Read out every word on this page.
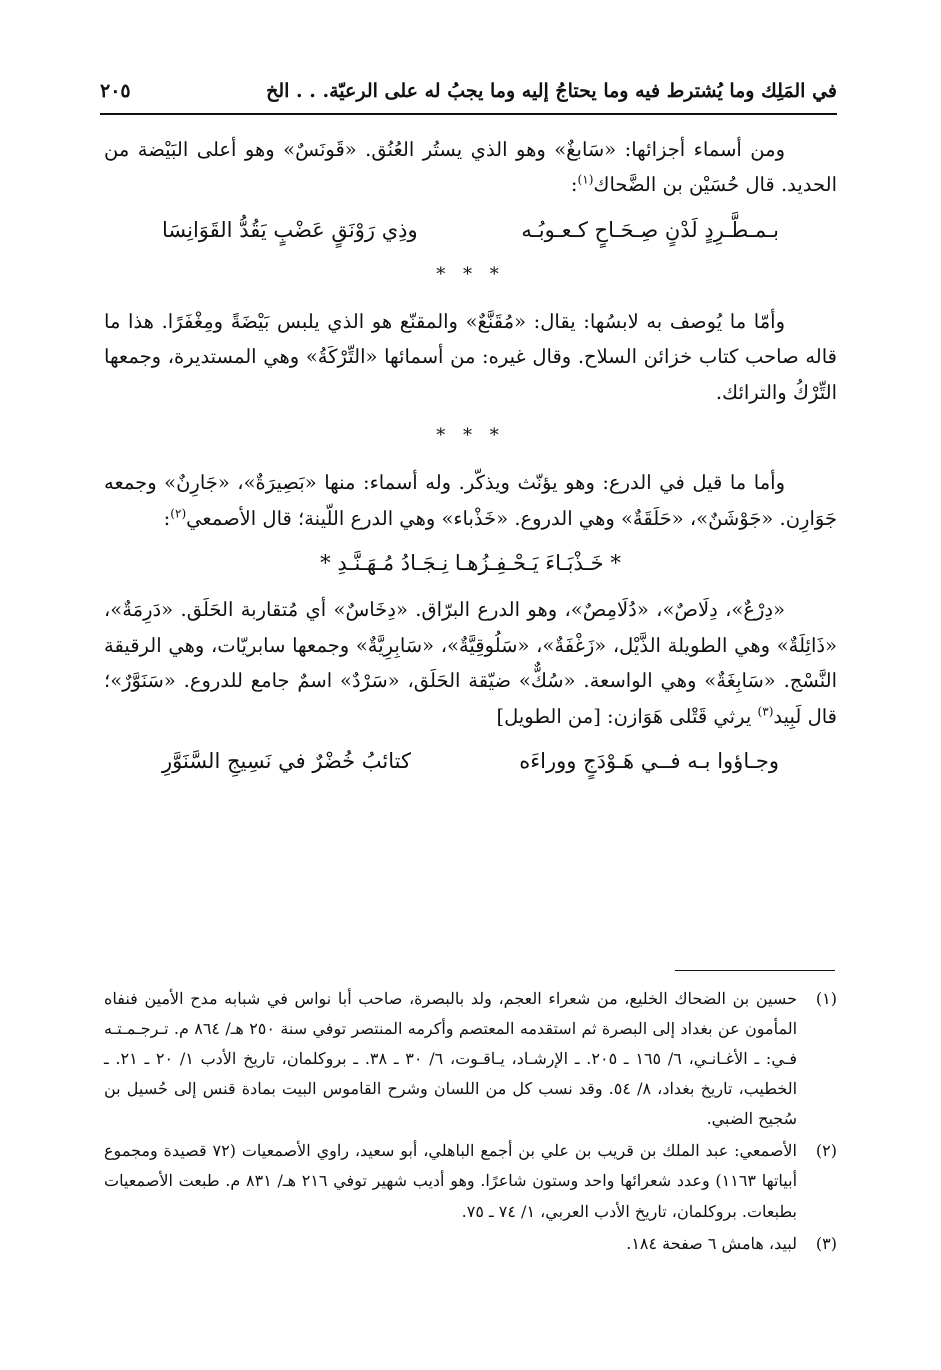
في المَلِك وما يُشترط فيه وما يحتاجُ إليه وما يجبُ له على الرعيّة. . . الخ
٢٠٥

ومن أسماء أجزائها: «سَابغٌ» وهو الذي يستُر العُنُق. «قَونَسٌ» وهو أعلى البَيْضة من الحديد. قال حُسَيْن بن الضَّحاك$^{(١)}$:

بـمـطَّـرِدٍ لَدْنٍ صِـحَـاحٍ كـعـوبُـه
وذِي رَوْنَقٍ عَضْبٍ يَقُدُّ القَوَانِسَا
* * *

وأمّا ما يُوصف به لابسُها: يقال: «مُقَنَّعٌ» والمقنّع هو الذي يلبس بَيْضَةً ومِغْفَرًا. هذا ما قاله صاحب كتاب خزائن السلاح. وقال غيره: من أسمائها «التِّرْكَةُ» وهي المستديرة، وجمعها التِّرْكُ والترائك.

* * *

وأما ما قيل في الدرع: وهو يؤنّث ويذكّر. وله أسماء: منها «بَصِيرَةٌ»، «جَارِنٌ» وجمعه جَوَارِن. «جَوْشَنٌ»، «حَلَقَةٌ» وهي الدروع. «خَذْباء» وهي الدرع اللّينة؛ قال الأصمعي$^{(٢)}$:

* خَـذْبَـاءَ يَـحْـفِـزُهـا نِـجَـادُ مُـهَـنَّـدِ *

«دِرْعٌ»، دِلَاصٌ»، «دُلَامِصٌ»، وهو الدرع البرّاق. «دِخَاسٌ» أي مُتقاربة الحَلَق. «دَرِمَةٌ»، «ذَائِلَةٌ» وهي الطويلة الذَّيْل، «زَغْفَةٌ»، «سَلُوقِيَّةٌ»، «سَابِرِيَّةٌ» وجمعها سابريّات، وهي الرقيقة النَّسْج. «سَابِغَةٌ» وهي الواسعة. «سُكٌّ» ضيّقة الحَلَق، «سَرْدٌ» اسمٌ جامع للدروع. «سَنَوَّرٌ»؛ قال لَبِيد$^{(٣)}$ يرثي قَتْلى هَوَازن: [من الطويل]

وجـاؤوا بـه فــي هَـوْدَجٍ ووراءَه
كتائبُ خُضْرٌ في نَسِيجِ السَّنَوَّرِ
(١)
حسين بن الضحاك الخليع، من شعراء العجم، ولد بالبصرة، صاحب أبا نواس في شبابه مدح الأمين فنفاه المأمون عن بغداد إلى البصرة ثم استقدمه المعتصم وأكرمه المنتصر توفي سنة ٢٥٠ هـ/ ٨٦٤ م. تـرجـمـتـه فـي: ـ الأغـانـي، ٦/ ١٦٥ ـ ٢٠٥. ـ الإرشـاد، يـاقـوت، ٦/ ٣٠ ـ ٣٨. ـ بروكلمان، تاريخ الأدب ١/ ٢٠ ـ ٢١. ـ الخطيب، تاريخ بغداد، ٨/ ٥٤. وقد نسب كل من اللسان وشرح القاموس البيت بمادة قنس إلى حُسيل بن سُجيح الضبي.
(٢)
الأصمعي: عبد الملك بن قريب بن علي بن أجمع الباهلي، أبو سعيد، راوي الأصمعيات (٧٢ قصيدة ومجموع أبياتها ١١٦٣) وعدد شعرائها واحد وستون شاعرًا. وهو أديب شهير توفي ٢١٦ هـ/ ٨٣١ م. طبعت الأصمعيات بطبعات. بروكلمان، تاريخ الأدب العربي، ١/ ٧٤ ـ ٧٥.
(٣)
لبيد، هامش ٦ صفحة ١٨٤.
